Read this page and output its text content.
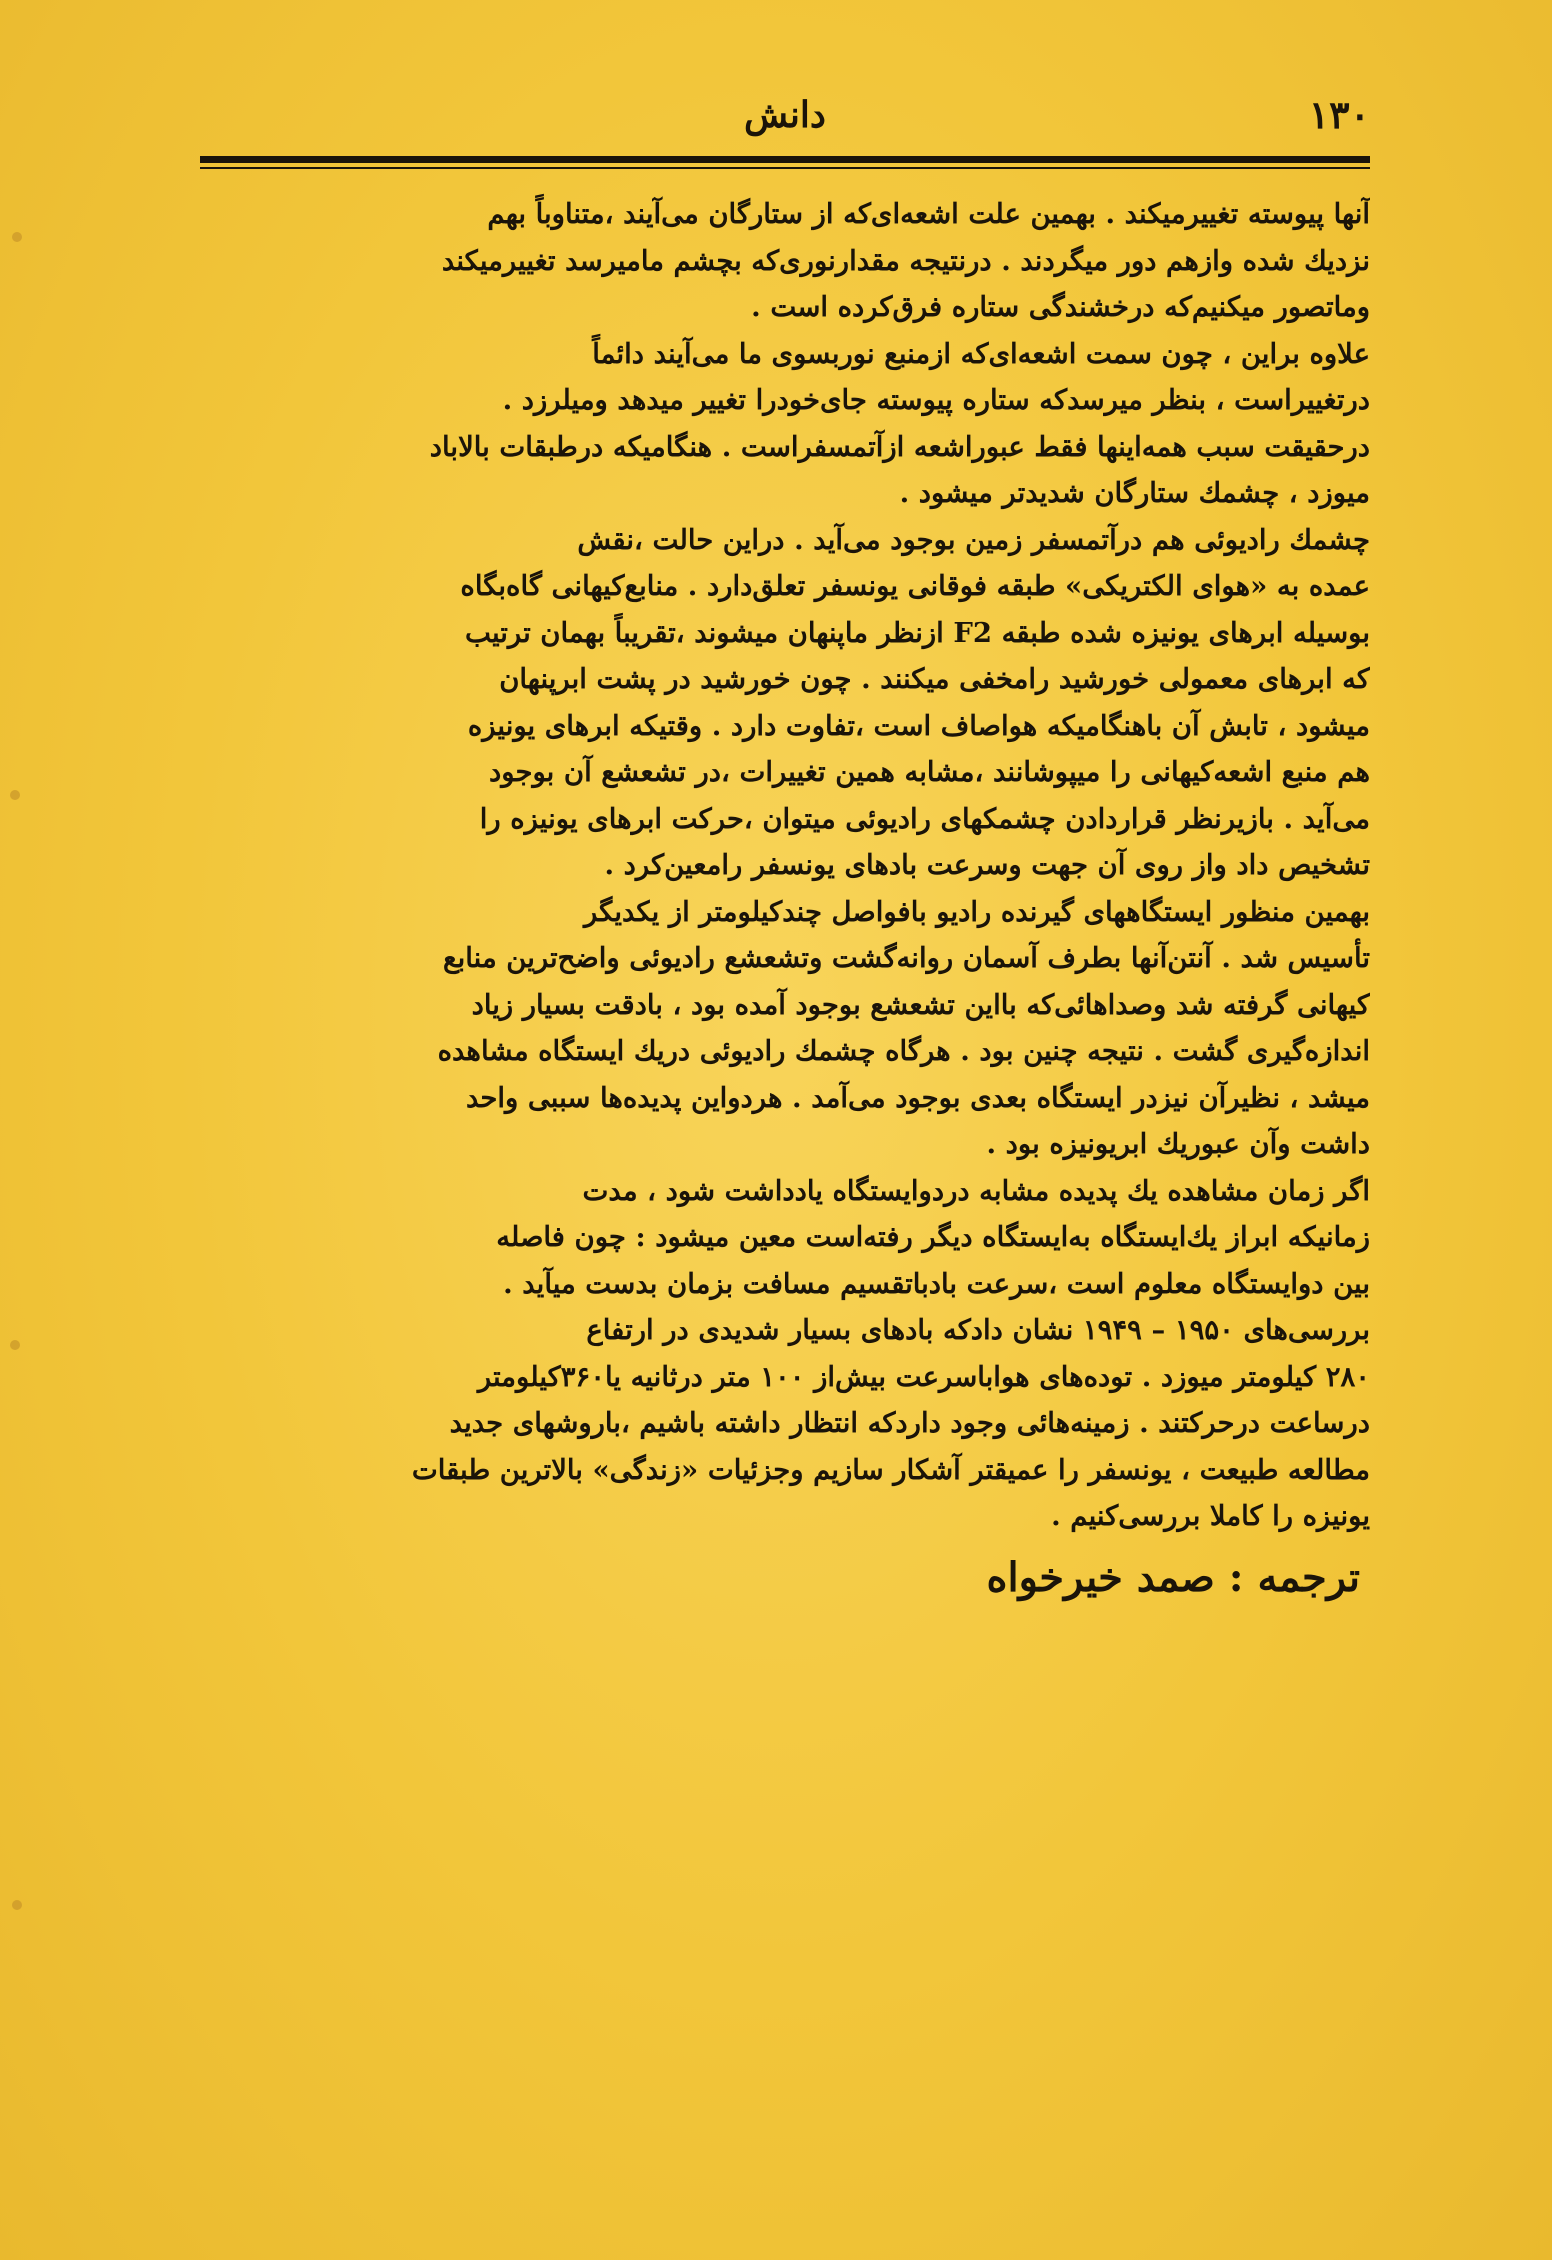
۱۳۰
دانش

آنها پیوسته تغییرمیکند . بهمین علت اشعه‌ای‌که از ستارگان می‌آیند ،متناوباً بهم
نزدیك شده وازهم دور میگردند . درنتیجه مقدارنوری‌که بچشم مامیرسد تغییرمیکند
وماتصور میکنیم‌که درخشندگی ستاره فرق‌کرده است .

علاوه براین ، چون سمت اشعه‌ای‌که ازمنبع نوربسوی ما می‌آیند دائماً
درتغییراست ، بنظر میرسدکه ستاره پیوسته جای‌خودرا تغییر میدهد ومیلرزد .
درحقیقت سبب همه‌اینها فقط عبوراشعه ازآتمسفراست . هنگامیکه درطبقات بالاباد
میوزد ، چشمك ستارگان شدیدتر میشود .

چشمك رادیوئی هم درآتمسفر زمین بوجود می‌آید . دراین حالت ،نقش
عمده به «هوای الکتریکی» طبقه فوقانی یونسفر تعلق‌دارد . منابع‌کیهانی گاه‌بگاه
بوسیله ابرهای یونیزه شده طبقه F2 ازنظر ماپنهان میشوند ،تقریباً بهمان ترتیب
که ابرهای معمولی خورشید رامخفی میکنند . چون خورشید در پشت ابرپنهان
میشود ، تابش آن باهنگامیکه هواصاف است ،تفاوت دارد . وقتیکه ابرهای یونیزه
هم منبع اشعه‌کیهانی را میپوشانند ،مشابه همین تغییرات ،در تشعشع آن بوجود
می‌آید . بازیرنظر قراردادن چشمکهای رادیوئی میتوان ،حرکت ابرهای یونیزه را
تشخیص داد واز روی آن جهت وسرعت بادهای یونسفر رامعین‌کرد .

بهمین منظور ایستگاههای گیرنده رادیو بافواصل چندکیلومتر از یکدیگر
تأسیس شد . آنتن‌آنها بطرف آسمان روانه‌گشت وتشعشع رادیوئی واضح‌ترین منابع
کیهانی گرفته شد وصداهائی‌که بااین تشعشع بوجود آمده بود ، بادقت بسیار زیاد
اندازه‌گیری گشت . نتیجه چنین بود . هرگاه چشمك رادیوئی دریك ایستگاه مشاهده
میشد ، نظیرآن نیزدر ایستگاه بعدی بوجود می‌آمد . هردواین پدیده‌ها سببی واحد
داشت وآن عبوریك ابریونیزه بود .

اگر زمان مشاهده یك پدیده مشابه دردوایستگاه یادداشت شود ، مدت
زمانیکه ابراز یك‌ایستگاه به‌ایستگاه دیگر رفته‌است معین میشود : چون فاصله
بین دوایستگاه معلوم است ،سرعت بادباتقسیم مسافت بزمان بدست میآید .

بررسی‌های ۱۹۵۰ – ۱۹۴۹ نشان دادکه بادهای بسیار شدیدی در ارتفاع
۲۸۰ کیلومتر میوزد . توده‌های هواباسرعت بیش‌از ۱۰۰ متر درثانیه یا۳۶۰کیلومتر
درساعت درحرکتند . زمینه‌هائی وجود داردکه انتظار داشته باشیم ،باروشهای جدید
مطالعه طبیعت ، یونسفر را عمیقتر آشکار سازیم وجزئیات «زندگی» بالاترین طبقات
یونیزه را کاملا بررسی‌کنیم .

ترجمه : صمد خیرخواه
